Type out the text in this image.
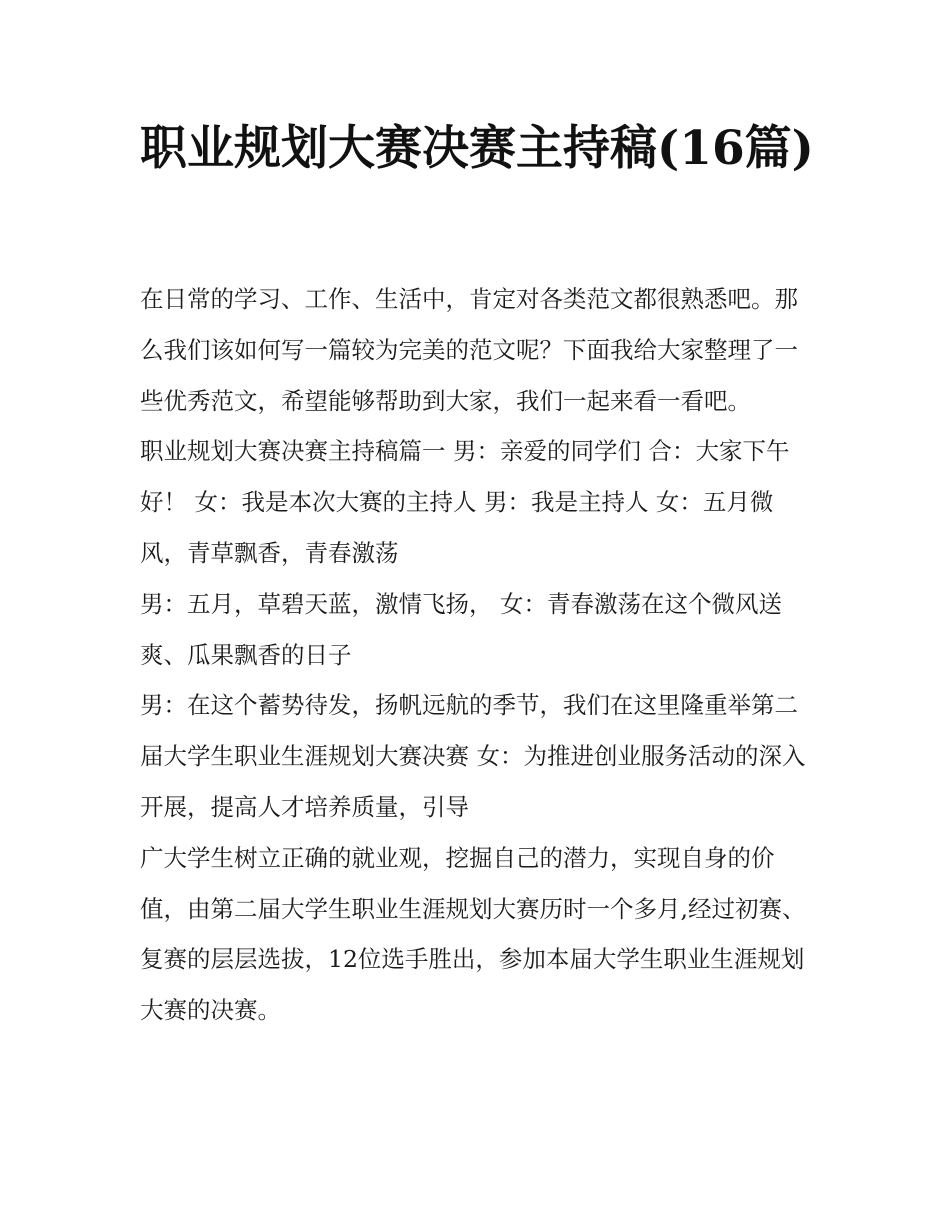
职业规划大赛决赛主持稿(16篇)

在日常的学习、工作、生活中，肯定对各类范文都很熟悉吧。那么我们该如何写一篇较为完美的范文呢？下面我给大家整理了一些优秀范文，希望能够帮助到大家，我们一起来看一看吧。

职业规划大赛决赛主持稿篇一 男：亲爱的同学们 合：大家下午好！ 女：我是本次大赛的主持人 男：我是主持人 女：五月微风，青草飘香，青春激荡

男：五月，草碧天蓝，激情飞扬， 女：青春激荡在这个微风送爽、瓜果飘香的日子

男：在这个蓄势待发，扬帆远航的季节，我们在这里隆重举第二届大学生职业生涯规划大赛决赛 女：为推进创业服务活动的深入开展，提高人才培养质量，引导

广大学生树立正确的就业观，挖掘自己的潜力，实现自身的价值，由第二届大学生职业生涯规划大赛历时一个多月,经过初赛、复赛的层层选拔，12位选手胜出，参加本届大学生职业生涯规划大赛的决赛。
